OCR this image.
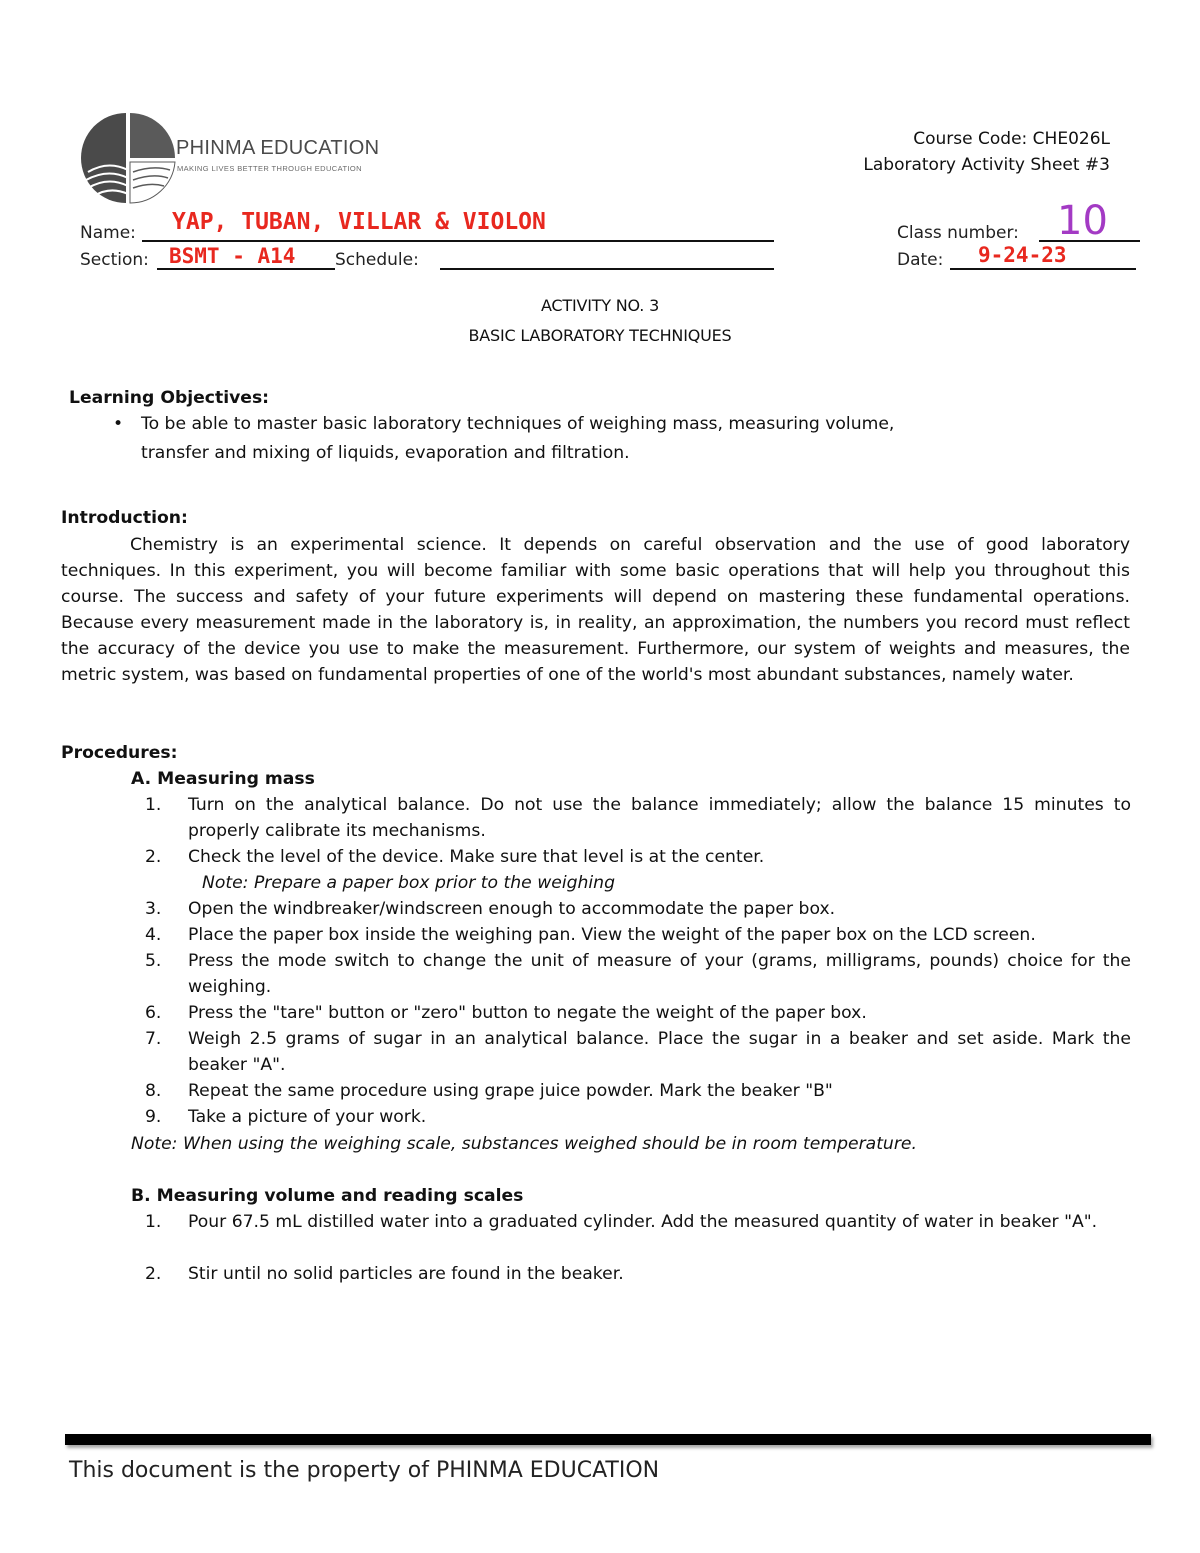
PHINMA EDUCATION
MAKING LIVES BETTER THROUGH EDUCATION
Course Code: CHE026L
Laboratory Activity Sheet #3
Name: YAP, TUBAN, VILLAR & VIOLON	Class number: 10
Section: BSMT - A14 Schedule:	Date: 9-24-23
ACTIVITY NO. 3
BASIC LABORATORY TECHNIQUES
Learning Objectives:
• To be able to master basic laboratory techniques of weighing mass, measuring volume,
transfer and mixing of liquids, evaporation and filtration.
Introduction:
Chemistry is an experimental science. It depends on careful observation and the use of good laboratory techniques. In this experiment, you will become familiar with some basic operations that will help you throughout this course. The success and safety of your future experiments will depend on mastering these fundamental operations. Because every measurement made in the laboratory is, in reality, an approximation, the numbers you record must reflect the accuracy of the device you use to make the measurement. Furthermore, our system of weights and measures, the metric system, was based on fundamental properties of one of the world's most abundant substances, namely water.
Procedures:
A. Measuring mass
1.	Turn on the analytical balance. Do not use the balance immediately; allow the balance 15 minutes to properly calibrate its mechanisms.
2.	Check the level of the device. Make sure that level is at the center.
Note: Prepare a paper box prior to the weighing
3.	Open the windbreaker/windscreen enough to accommodate the paper box.
4.	Place the paper box inside the weighing pan. View the weight of the paper box on the LCD screen.
5.	Press the mode switch to change the unit of measure of your (grams, milligrams, pounds) choice for the weighing.
6.	Press the "tare" button or "zero" button to negate the weight of the paper box.
7.	Weigh 2.5 grams of sugar in an analytical balance. Place the sugar in a beaker and set aside. Mark the beaker "A".
8.	Repeat the same procedure using grape juice powder. Mark the beaker "B"
9.	Take a picture of your work.
Note: When using the weighing scale, substances weighed should be in room temperature.
B. Measuring volume and reading scales
1.	Pour 67.5 mL distilled water into a graduated cylinder. Add the measured quantity of water in beaker "A".
2.	Stir until no solid particles are found in the beaker.
This document is the property of PHINMA EDUCATION
